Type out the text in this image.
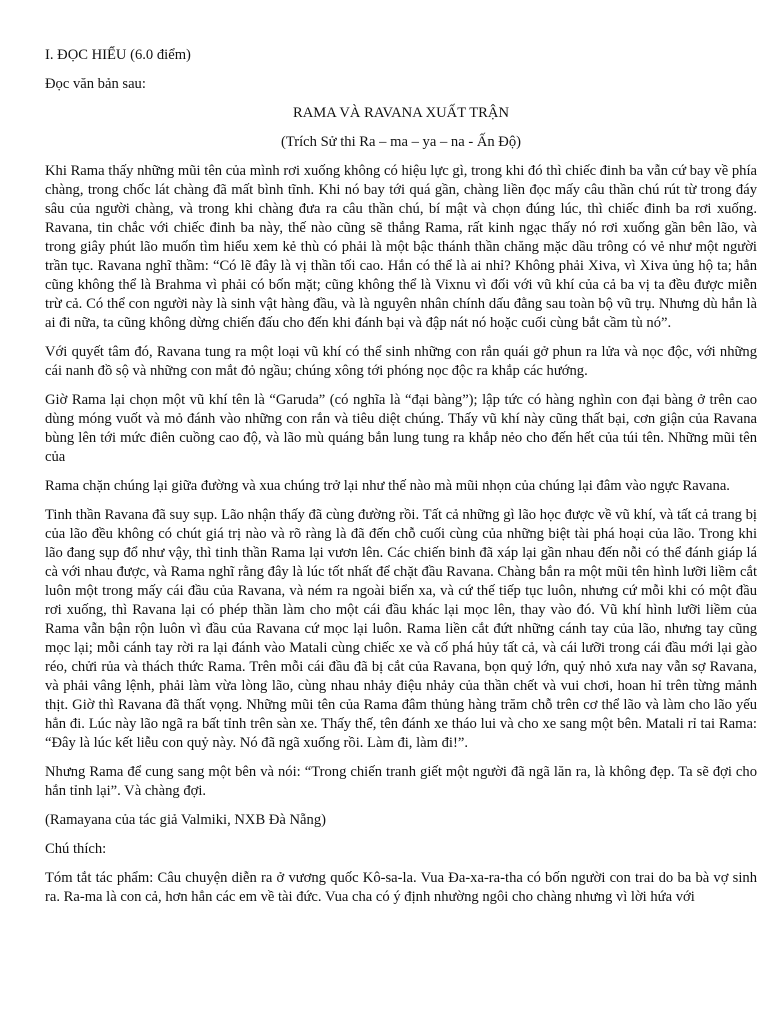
I. ĐỌC HIỂU (6.0 điểm)

Đọc văn bản sau:

RAMA VÀ RAVANA XUẤT TRẬN

(Trích Sử thi Ra – ma – ya – na - Ấn Độ)

Khi Rama thấy những mũi tên của mình rơi xuống không có hiệu lực gì, trong khi đó thì chiếc đinh ba vẫn cứ bay về phía chàng, trong chốc lát chàng đã mất bình tĩnh. Khi nó bay tới quá gần, chàng liền đọc mấy câu thần chú rút từ trong đáy sâu của người chàng, và trong khi chàng đưa ra câu thần chú, bí mật và chọn đúng lúc, thì chiếc đinh ba rơi xuống. Ravana, tin chắc với chiếc đinh ba này, thế nào cũng sẽ thắng Rama, rất kinh ngạc thấy nó rơi xuống gần bên lão, và trong giây phút lão muốn tìm hiểu xem kẻ thù có phải là một bậc thánh thần chăng mặc dầu trông có vẻ như một người trần tục. Ravana nghĩ thầm: “Có lẽ đây là vị thần tối cao. Hắn có thể là ai nhỉ? Không phải Xiva, vì Xiva ủng hộ ta; hẳn cũng không thể là Brahma vì phải có bốn mặt; cũng không thể là Vixnu vì đối với vũ khí của cả ba vị ta đều được miễn trừ cả. Có thể con người này là sinh vật hàng đầu, và là nguyên nhân chính dấu đằng sau toàn bộ vũ trụ. Nhưng dù hắn là ai đi nữa, ta cũng không dừng chiến đấu cho đến khi đánh bại và đập nát nó hoặc cuối cùng bắt cầm tù nó”.

Với quyết tâm đó, Ravana tung ra một loại vũ khí có thể sinh những con rắn quái gở phun ra lửa và nọc độc, với những cái nanh đồ sộ và những con mắt đỏ ngầu; chúng xông tới phóng nọc độc ra khắp các hướng.

Giờ Rama lại chọn một vũ khí tên là “Garuda” (có nghĩa là “đại bàng”); lập tức có hàng nghìn con đại bàng ở trên cao dùng móng vuốt và mỏ đánh vào những con rắn và tiêu diệt chúng. Thấy vũ khí này cũng thất bại, cơn giận của Ravana bùng lên tới mức điên cuồng cao độ, và lão mù quáng bắn lung tung ra khắp nẻo cho đến hết của túi tên. Những mũi tên của

Rama chặn chúng lại giữa đường và xua chúng trở lại như thế nào mà mũi nhọn của chúng lại đâm vào ngực Ravana.

Tinh thần Ravana đã suy sụp. Lão nhận thấy đã cùng đường rồi. Tất cả những gì lão học được về vũ khí, và tất cả trang bị của lão đều không có chút giá trị nào và rõ ràng là đã đến chỗ cuối cùng của những biệt tài phá hoại của lão. Trong khi lão đang sụp đổ như vậy, thì tinh thần Rama lại vươn lên. Các chiến binh đã xáp lại gần nhau đến nỗi có thể đánh giáp lá cà với nhau được, và Rama nghĩ rằng đây là lúc tốt nhất để chặt đầu Ravana. Chàng bắn ra một mũi tên hình lưỡi liềm cắt luôn một trong mấy cái đầu của Ravana, và ném ra ngoài biển xa, và cứ thế tiếp tục luôn, nhưng cứ mỗi khi có một đầu rơi xuống, thì Ravana lại có phép thần làm cho một cái đầu khác lại mọc lên, thay vào đó. Vũ khí hình lưỡi liềm của Rama vẫn bận rộn luôn vì đầu của Ravana cứ mọc lại luôn. Rama liền cắt đứt những cánh tay của lão, nhưng tay cũng mọc lại; mỗi cánh tay rời ra lại đánh vào Matali cùng chiếc xe và cố phá hủy tất cả, và cái lưỡi trong cái đầu mới lại gào réo, chửi rủa và thách thức Rama. Trên mỗi cái đầu đã bị cắt của Ravana, bọn quỷ lớn, quỷ nhỏ xưa nay vẫn sợ Ravana, và phải vâng lệnh, phải làm vừa lòng lão, cùng nhau nhảy điệu nhảy của thần chết và vui chơi, hoan hỉ trên từng mảnh thịt. Giờ thì Ravana đã thất vọng. Những mũi tên của Rama đâm thủng hàng trăm chỗ trên cơ thể lão và làm cho lão yếu hẳn đi. Lúc này lão ngã ra bất tỉnh trên sàn xe. Thấy thế, tên đánh xe tháo lui và cho xe sang một bên. Matali rỉ tai Rama: “Đây là lúc kết liễu con quỷ này. Nó đã ngã xuống rồi. Làm đi, làm đi!”.

Nhưng Rama để cung sang một bên và nói: “Trong chiến tranh giết một người đã ngã lăn ra, là không đẹp. Ta sẽ đợi cho hắn tỉnh lại”. Và chàng đợi.

(Ramayana của tác giả Valmiki, NXB Đà Nẵng)

Chú thích:

Tóm tắt tác phẩm: Câu chuyện diễn ra ở vương quốc Kô-sa-la. Vua Đa-xa-ra-tha có bốn người con trai do ba bà vợ sinh ra. Ra-ma là con cả, hơn hẳn các em về tài đức. Vua cha có ý định nhường ngôi cho chàng nhưng vì lời hứa với
